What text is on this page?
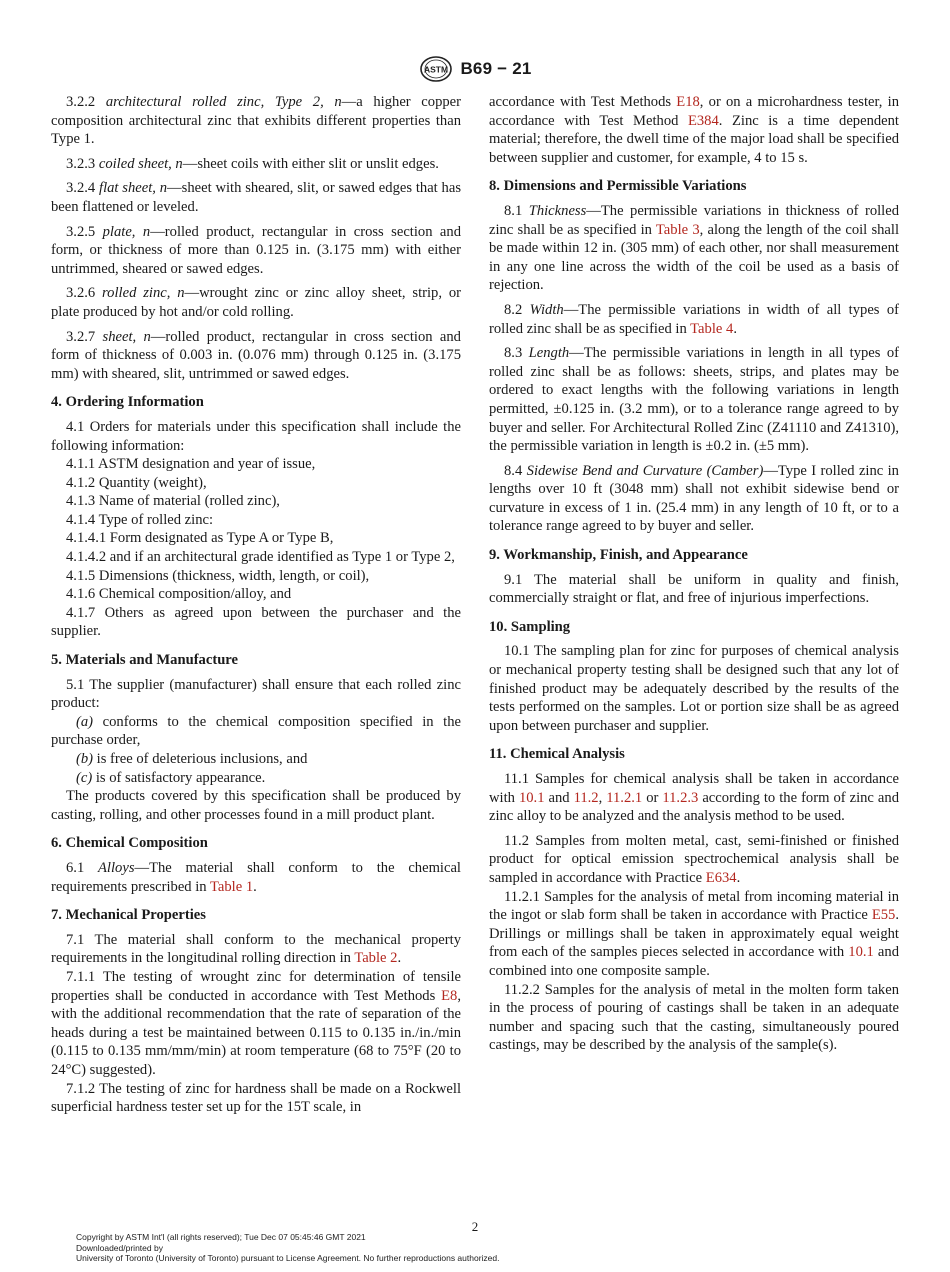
ASTM B69 − 21

3.2.2 architectural rolled zinc, Type 2, n—a higher copper composition architectural zinc that exhibits different properties than Type 1.

3.2.3 coiled sheet, n—sheet coils with either slit or unslit edges.

3.2.4 flat sheet, n—sheet with sheared, slit, or sawed edges that has been flattened or leveled.

3.2.5 plate, n—rolled product, rectangular in cross section and form, or thickness of more than 0.125 in. (3.175 mm) with either untrimmed, sheared or sawed edges.

3.2.6 rolled zinc, n—wrought zinc or zinc alloy sheet, strip, or plate produced by hot and/or cold rolling.

3.2.7 sheet, n—rolled product, rectangular in cross section and form of thickness of 0.003 in. (0.076 mm) through 0.125 in. (3.175 mm) with sheared, slit, untrimmed or sawed edges.

4. Ordering Information

4.1 Orders for materials under this specification shall include the following information:

4.1.1 ASTM designation and year of issue,

4.1.2 Quantity (weight),

4.1.3 Name of material (rolled zinc),

4.1.4 Type of rolled zinc:

4.1.4.1 Form designated as Type A or Type B,

4.1.4.2 and if an architectural grade identified as Type 1 or Type 2,

4.1.5 Dimensions (thickness, width, length, or coil),

4.1.6 Chemical composition/alloy, and

4.1.7 Others as agreed upon between the purchaser and the supplier.

5. Materials and Manufacture

5.1 The supplier (manufacturer) shall ensure that each rolled zinc product:

(a) conforms to the chemical composition specified in the purchase order,

(b) is free of deleterious inclusions, and

(c) is of satisfactory appearance.

The products covered by this specification shall be produced by casting, rolling, and other processes found in a mill product plant.

6. Chemical Composition

6.1 Alloys—The material shall conform to the chemical requirements prescribed in Table 1.

7. Mechanical Properties

7.1 The material shall conform to the mechanical property requirements in the longitudinal rolling direction in Table 2.

7.1.1 The testing of wrought zinc for determination of tensile properties shall be conducted in accordance with Test Methods E8, with the additional recommendation that the rate of separation of the heads during a test be maintained between 0.115 to 0.135 in./in./min (0.115 to 0.135 mm/mm/min) at room temperature (68 to 75°F (20 to 24°C) suggested).

7.1.2 The testing of zinc for hardness shall be made on a Rockwell superficial hardness tester set up for the 15T scale, in

accordance with Test Methods E18, or on a microhardness tester, in accordance with Test Method E384. Zinc is a time dependent material; therefore, the dwell time of the major load shall be specified between supplier and customer, for example, 4 to 15 s.

8. Dimensions and Permissible Variations

8.1 Thickness—The permissible variations in thickness of rolled zinc shall be as specified in Table 3, along the length of the coil shall be made within 12 in. (305 mm) of each other, nor shall measurement in any one line across the width of the coil be used as a basis of rejection.

8.2 Width—The permissible variations in width of all types of rolled zinc shall be as specified in Table 4.

8.3 Length—The permissible variations in length in all types of rolled zinc shall be as follows: sheets, strips, and plates may be ordered to exact lengths with the following variations in length permitted, ±0.125 in. (3.2 mm), or to a tolerance range agreed to by buyer and seller. For Architectural Rolled Zinc (Z41110 and Z41310), the permissible variation in length is ±0.2 in. (±5 mm).

8.4 Sidewise Bend and Curvature (Camber)—Type I rolled zinc in lengths over 10 ft (3048 mm) shall not exhibit sidewise bend or curvature in excess of 1 in. (25.4 mm) in any length of 10 ft, or to a tolerance range agreed to by buyer and seller.

9. Workmanship, Finish, and Appearance

9.1 The material shall be uniform in quality and finish, commercially straight or flat, and free of injurious imperfections.

10. Sampling

10.1 The sampling plan for zinc for purposes of chemical analysis or mechanical property testing shall be designed such that any lot of finished product may be adequately described by the results of the tests performed on the samples. Lot or portion size shall be as agreed upon between purchaser and supplier.

11. Chemical Analysis

11.1 Samples for chemical analysis shall be taken in accordance with 10.1 and 11.2, 11.2.1 or 11.2.3 according to the form of zinc and zinc alloy to be analyzed and the analysis method to be used.

11.2 Samples from molten metal, cast, semi-finished or finished product for optical emission spectrochemical analysis shall be sampled in accordance with Practice E634.

11.2.1 Samples for the analysis of metal from incoming material in the ingot or slab form shall be taken in accordance with Practice E55. Drillings or millings shall be taken in approximately equal weight from each of the samples pieces selected in accordance with 10.1 and combined into one composite sample.

11.2.2 Samples for the analysis of metal in the molten form taken in the process of pouring of castings shall be taken in an adequate number and spacing such that the casting, simultaneously poured castings, may be described by the analysis of the sample(s).

2
Copyright by ASTM Int'l (all rights reserved); Tue Dec 07 05:45:46 GMT 2021
Downloaded/printed by
University of Toronto (University of Toronto) pursuant to License Agreement. No further reproductions authorized.
